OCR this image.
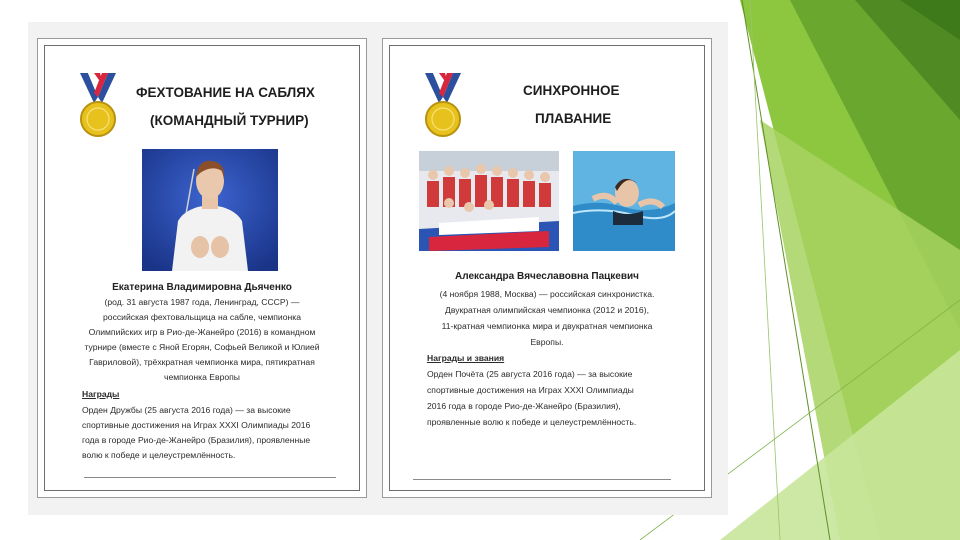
ФЕХТОВАНИЕ НА САБЛЯХ
(КОМАНДНЫЙ ТУРНИР)
Екатерина Владимировна Дьяченко
(род. 31 августа 1987 года, Ленинград, СССР) —
российская фехтовальщица на сабле, чемпионка
Олимпийских игр в Рио-де-Жанейро (2016) в командном
турнире (вместе с Яной Егорян, Софьей Великой и Юлией
Гавриловой), трёхкратная чемпионка мира, пятикратная
чемпионка Европы
Награды
Орден Дружбы (25 августа 2016 года) — за высокие
спортивные достижения на Играх XXXI Олимпиады 2016
года в городе Рио-де-Жанейро (Бразилия), проявленные
волю к победе и целеустремлённость.
СИНХРОННОЕ
ПЛАВАНИЕ
Александра Вячеславовна Пацкевич
(4 ноября 1988, Москва) — российская синхронистка.
Двукратная олимпийская чемпионка (2012 и 2016),
11-кратная чемпионка мира и двукратная чемпионка
Европы.
Награды и звания
Орден Почёта (25 августа 2016 года) — за высокие
спортивные достижения на Играх XXXI Олимпиады
2016 года в городе Рио-де-Жанейро (Бразилия),
проявленные волю к победе и целеустремлённость.
